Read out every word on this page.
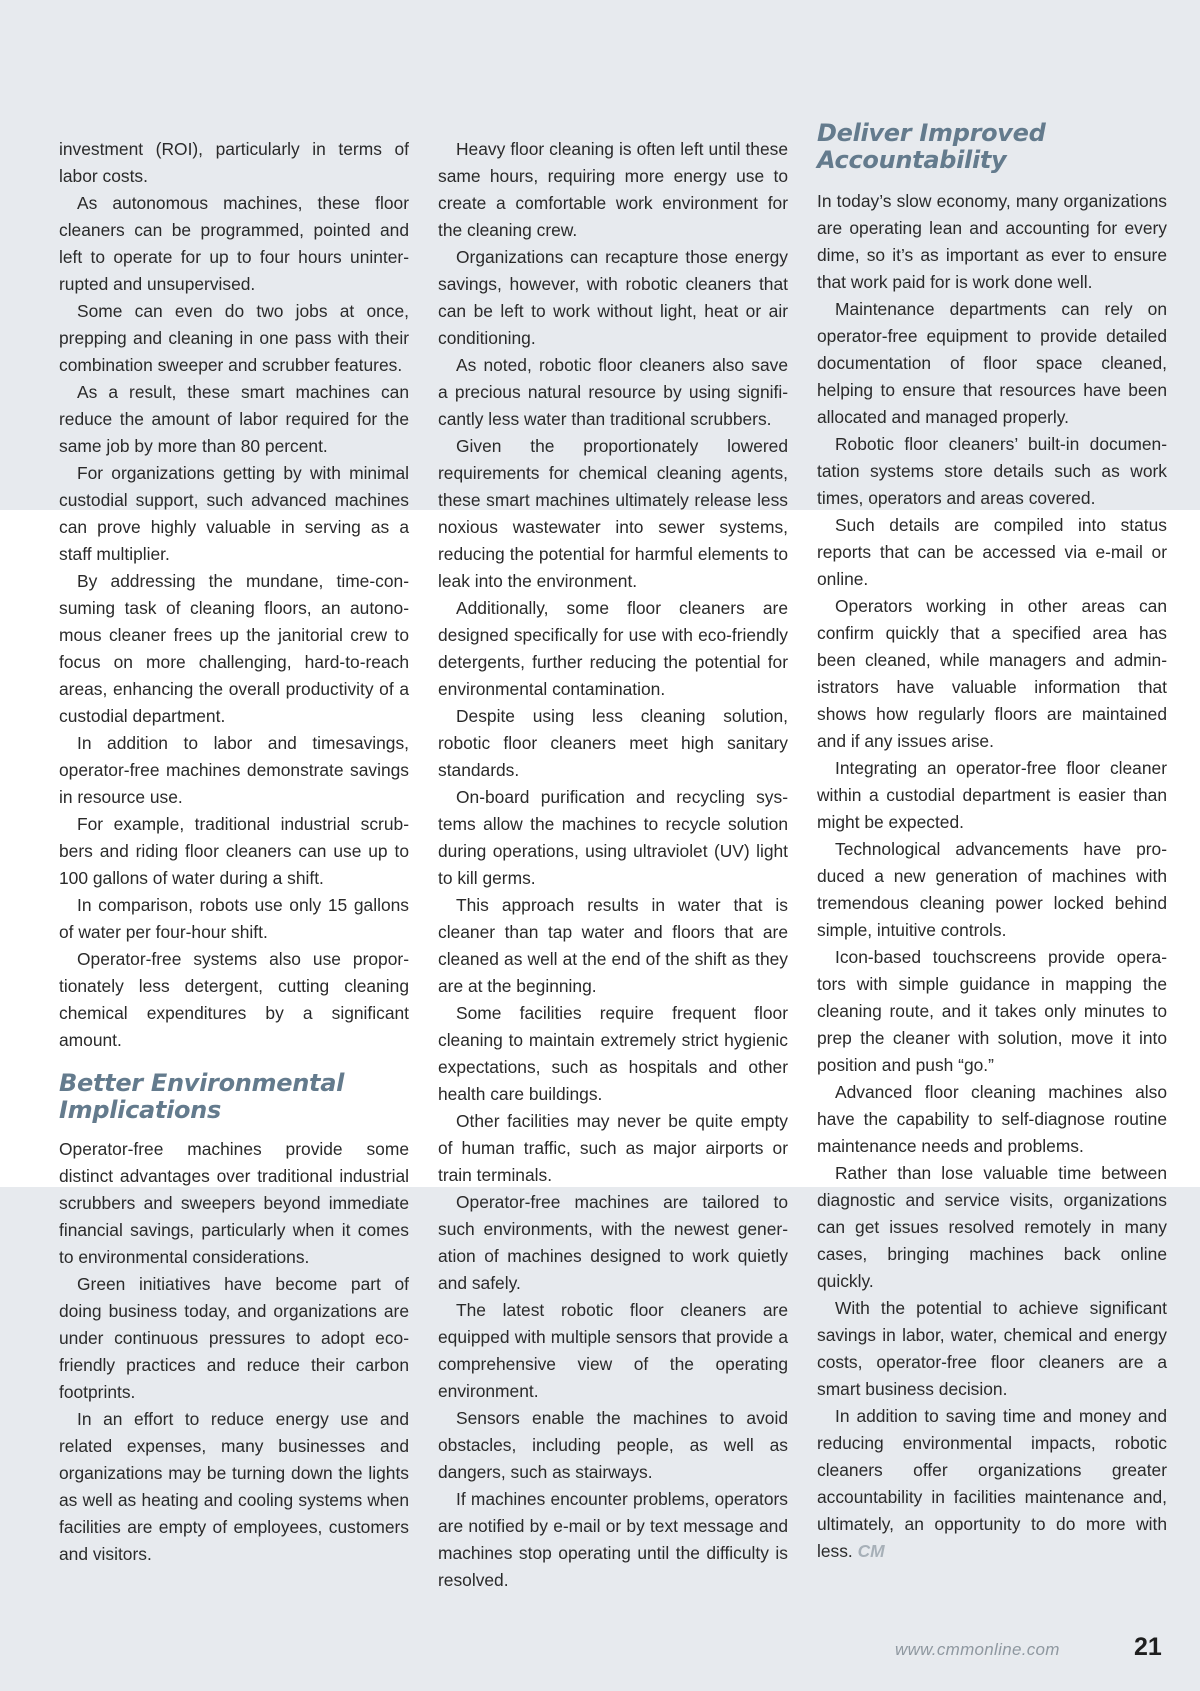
investment (ROI), particularly in terms of labor costs.

As autonomous machines, these floor cleaners can be programmed, pointed and left to operate for up to four hours uninterrupted and unsupervised.

Some can even do two jobs at once, prepping and cleaning in one pass with their combination sweeper and scrubber features.

As a result, these smart machines can reduce the amount of labor required for the same job by more than 80 percent.

For organizations getting by with minimal custodial support, such advanced machines can prove highly valuable in serving as a staff multiplier.

By addressing the mundane, time-consuming task of cleaning floors, an autonomous cleaner frees up the janitorial crew to focus on more challenging, hard-to-reach areas, enhancing the overall productivity of a custodial department.

In addition to labor and timesavings, operator-free machines demonstrate savings in resource use.

For example, traditional industrial scrubbers and riding floor cleaners can use up to 100 gallons of water during a shift.

In comparison, robots use only 15 gallons of water per four-hour shift.

Operator-free systems also use proportionately less detergent, cutting cleaning chemical expenditures by a significant amount.

Better Environmental Implications

Operator-free machines provide some distinct advantages over traditional industrial scrubbers and sweepers beyond immediate financial savings, particularly when it comes to environmental considerations.

Green initiatives have become part of doing business today, and organizations are under continuous pressures to adopt eco-friendly practices and reduce their carbon footprints.

In an effort to reduce energy use and related expenses, many businesses and organizations may be turning down the lights as well as heating and cooling systems when facilities are empty of employees, customers and visitors.

Heavy floor cleaning is often left until these same hours, requiring more energy use to create a comfortable work environment for the cleaning crew.

Organizations can recapture those energy savings, however, with robotic cleaners that can be left to work without light, heat or air conditioning.

As noted, robotic floor cleaners also save a precious natural resource by using significantly less water than traditional scrubbers.

Given the proportionately lowered requirements for chemical cleaning agents, these smart machines ultimately release less noxious wastewater into sewer systems, reducing the potential for harmful elements to leak into the environment.

Additionally, some floor cleaners are designed specifically for use with eco-friendly detergents, further reducing the potential for environmental contamination.

Despite using less cleaning solution, robotic floor cleaners meet high sanitary standards.

On-board purification and recycling systems allow the machines to recycle solution during operations, using ultraviolet (UV) light to kill germs.

This approach results in water that is cleaner than tap water and floors that are cleaned as well at the end of the shift as they are at the beginning.

Some facilities require frequent floor cleaning to maintain extremely strict hygienic expectations, such as hospitals and other health care buildings.

Other facilities may never be quite empty of human traffic, such as major airports or train terminals.

Operator-free machines are tailored to such environments, with the newest generation of machines designed to work quietly and safely.

The latest robotic floor cleaners are equipped with multiple sensors that provide a comprehensive view of the operating environment.

Sensors enable the machines to avoid obstacles, including people, as well as dangers, such as stairways.

If machines encounter problems, operators are notified by e-mail or by text message and machines stop operating until the difficulty is resolved.

Deliver Improved Accountability

In today’s slow economy, many organizations are operating lean and accounting for every dime, so it’s as important as ever to ensure that work paid for is work done well.

Maintenance departments can rely on operator-free equipment to provide detailed documentation of floor space cleaned, helping to ensure that resources have been allocated and managed properly.

Robotic floor cleaners’ built-in documentation systems store details such as work times, operators and areas covered.

Such details are compiled into status reports that can be accessed via e-mail or online.

Operators working in other areas can confirm quickly that a specified area has been cleaned, while managers and administrators have valuable information that shows how regularly floors are maintained and if any issues arise.

Integrating an operator-free floor cleaner within a custodial department is easier than might be expected.

Technological advancements have produced a new generation of machines with tremendous cleaning power locked behind simple, intuitive controls.

Icon-based touchscreens provide operators with simple guidance in mapping the cleaning route, and it takes only minutes to prep the cleaner with solution, move it into position and push “go.”

Advanced floor cleaning machines also have the capability to self-diagnose routine maintenance needs and problems.

Rather than lose valuable time between diagnostic and service visits, organizations can get issues resolved remotely in many cases, bringing machines back online quickly.

With the potential to achieve significant savings in labor, water, chemical and energy costs, operator-free floor cleaners are a smart business decision.

In addition to saving time and money and reducing environmental impacts, robotic cleaners offer organizations greater accountability in facilities maintenance and, ultimately, an opportunity to do more with less. CM

www.cmmonline.com	21
